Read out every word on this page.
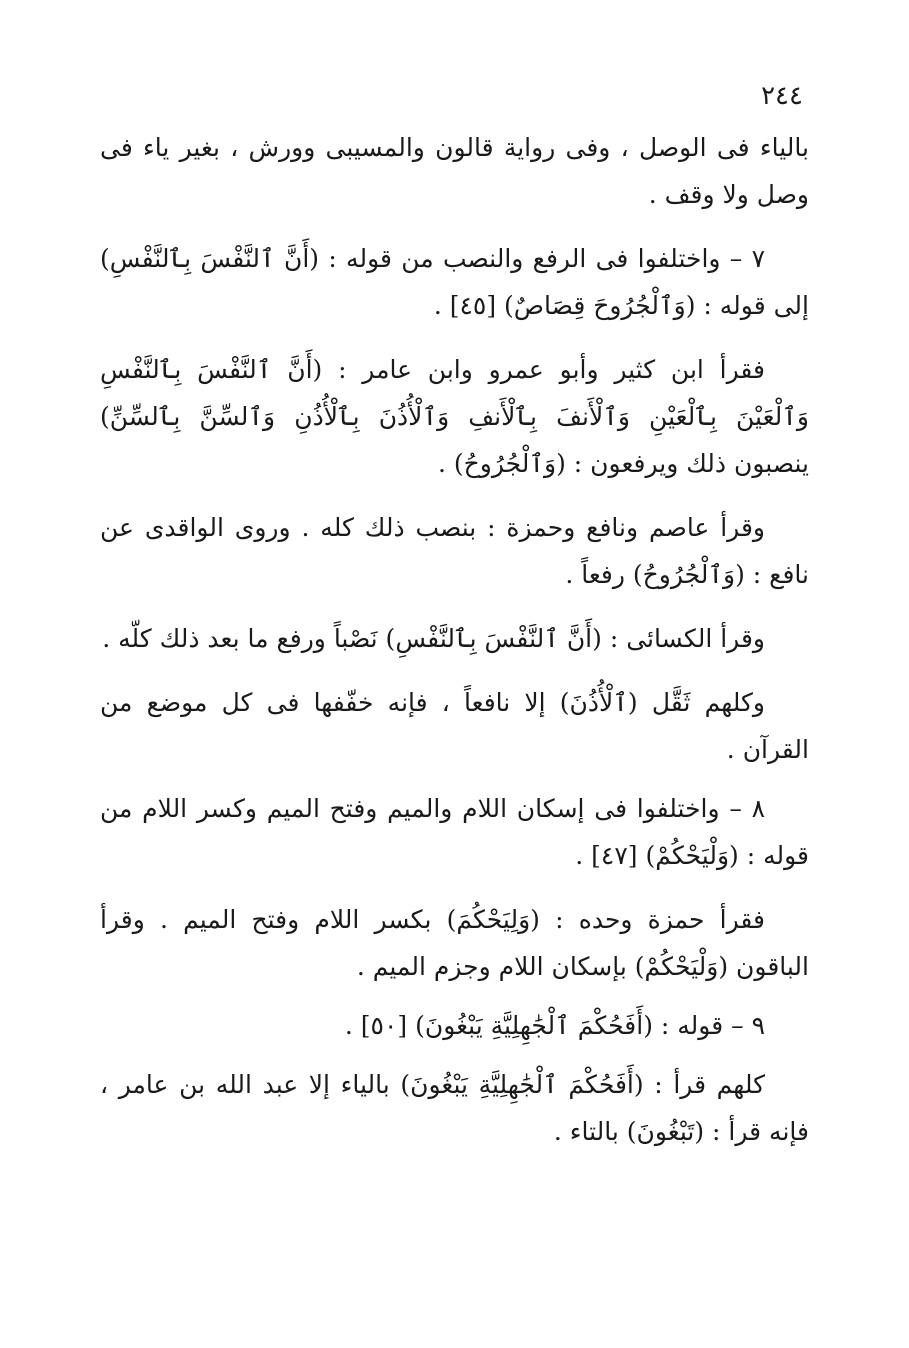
٢٤٤

بالياء فى الوصل ، وفى رواية قالون والمسيبى وورش ، بغير ياء فى وصل ولا وقف .

٧ – واختلفوا فى الرفع والنصب من قوله : (أَنَّ ٱلنَّفْسَ بِٱلنَّفْسِ) إلى قوله : (وَٱلْجُرُوحَ قِصَاصٌ) [٤٥] .

فقرأ ابن كثير وأبو عمرو وابن عامر : (أَنَّ ٱلنَّفْسَ بِٱلنَّفْسِ وَٱلْعَيْنَ بِٱلْعَيْنِ وَٱلْأَنفَ بِٱلْأَنفِ وَٱلْأُذُنَ بِٱلْأُذُنِ وَٱلسِّنَّ بِٱلسِّنِّ) ينصبون ذلك ويرفعون : (وَٱلْجُرُوحُ) .

وقرأ عاصم ونافع وحمزة : بنصب ذلك كله . وروى الواقدى عن نافع : (وَٱلْجُرُوحُ) رفعاً .

وقرأ الكسائى : (أَنَّ ٱلنَّفْسَ بِٱلنَّفْسِ) نَصْباً ورفع ما بعد ذلك كلّه .

وكلهم ثَقَّل (ٱلْأُذُنَ) إلا نافعاً ، فإنه خفّفها فى كل موضع من القرآن .

٨ – واختلفوا فى إسكان اللام والميم وفتح الميم وكسر اللام من قوله : (وَلْيَحْكُمْ) [٤٧] .

فقرأ حمزة وحده : (وَلِيَحْكُمَ) بكسر اللام وفتح الميم . وقرأ الباقون (وَلْيَحْكُمْ) بإسكان اللام وجزم الميم .

٩ – قوله : (أَفَحُكْمَ ٱلْجَٰهِلِيَّةِ يَبْغُونَ) [٥٠] .

كلهم قرأ : (أَفَحُكْمَ ٱلْجَٰهِلِيَّةِ يَبْغُونَ) بالياء إلا عبد الله بن عامر ، فإنه قرأ : (تَبْغُونَ) بالتاء .
